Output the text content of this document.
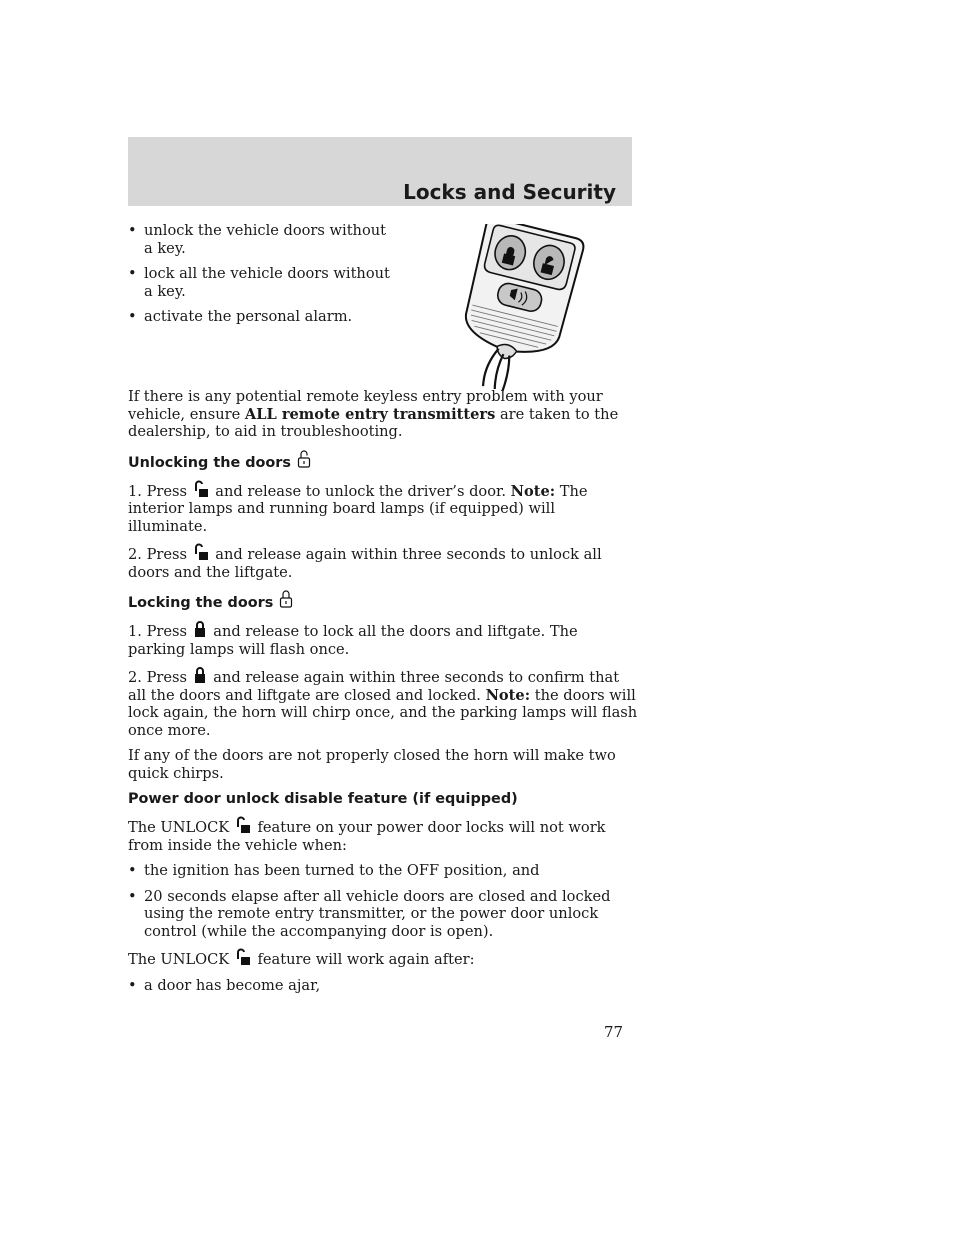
Locks and Security
• unlock the vehicle doors without a key.
• lock all the vehicle doors without a key.
• activate the personal alarm.

If there is any potential remote keyless entry problem with your vehicle, ensure ALL remote entry transmitters are taken to the dealership, to aid in troubleshooting.

Unlocking the doors

1. Press and release to unlock the driver’s door. Note: The interior lamps and running board lamps (if equipped) will illuminate.

2. Press and release again within three seconds to unlock all doors and the liftgate.

Locking the doors

1. Press and release to lock all the doors and liftgate. The parking lamps will flash once.

2. Press and release again within three seconds to confirm that all the doors and liftgate are closed and locked. Note: the doors will lock again, the horn will chirp once, and the parking lamps will flash once more.

If any of the doors are not properly closed the horn will make two quick chirps.

Power door unlock disable feature (if equipped)

The UNLOCK feature on your power door locks will not work from inside the vehicle when:

• the ignition has been turned to the OFF position, and
• 20 seconds elapse after all vehicle doors are closed and locked using the remote entry transmitter, or the power door unlock control (while the accompanying door is open).

The UNLOCK feature will work again after:

• a door has become ajar,
77
